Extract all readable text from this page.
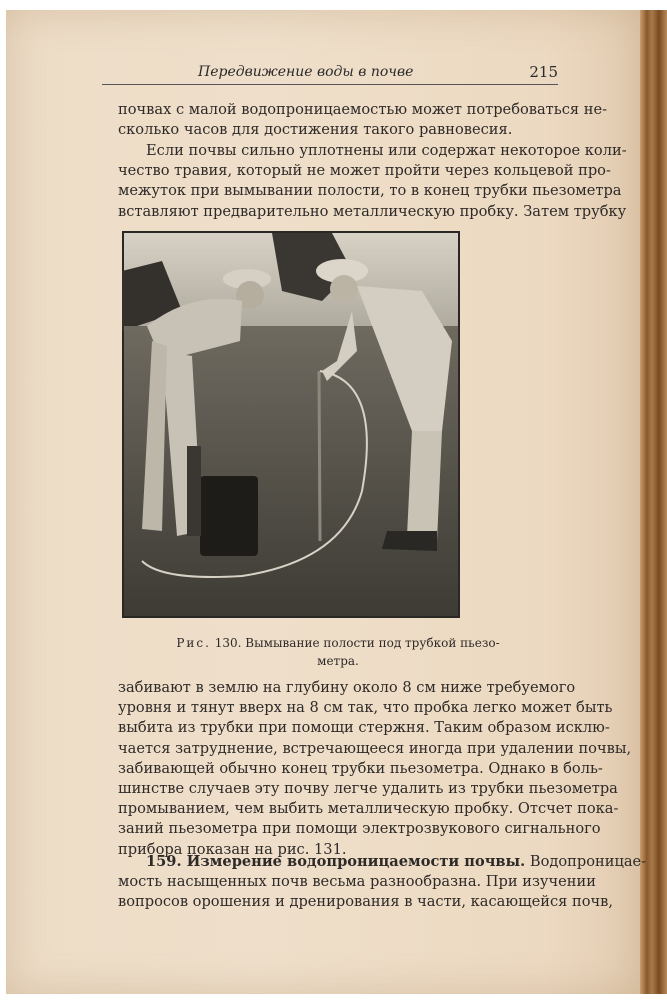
Передвижение воды в почве	215

почвах с малой водопроницаемостью может потребоваться не-
сколько часов для достижения такого равновесия.

Если почвы сильно уплотнены или содержат некоторое коли-
чество травия, который не может пройти через кольцевой про-
межуток при вымывании полости, то в конец трубки пьезометра
вставляют предварительно металлическую пробку. Затем трубку

Рис. 130. Вымывание полости под трубкой пьезо-
метра.

забивают в землю на глубину около 8 см ниже требуемого
уровня и тянут вверх на 8 см так, что пробка легко может быть
выбита из трубки при помощи стержня. Таким образом исклю-
чается затруднение, встречающееся иногда при удалении почвы,
забивающей обычно конец трубки пьезометра. Однако в боль-
шинстве случаев эту почву легче удалить из трубки пьезометра
промыванием, чем выбить металлическую пробку. Отсчет пока-
заний пьезометра при помощи электрозвукового сигнального
прибора показан на рис. 131.

159. Измерение водопроницаемости почвы. Водопроницае-
мость насыщенных почв весьма разнообразна. При изучении
вопросов орошения и дренирования в части, касающейся почв,
